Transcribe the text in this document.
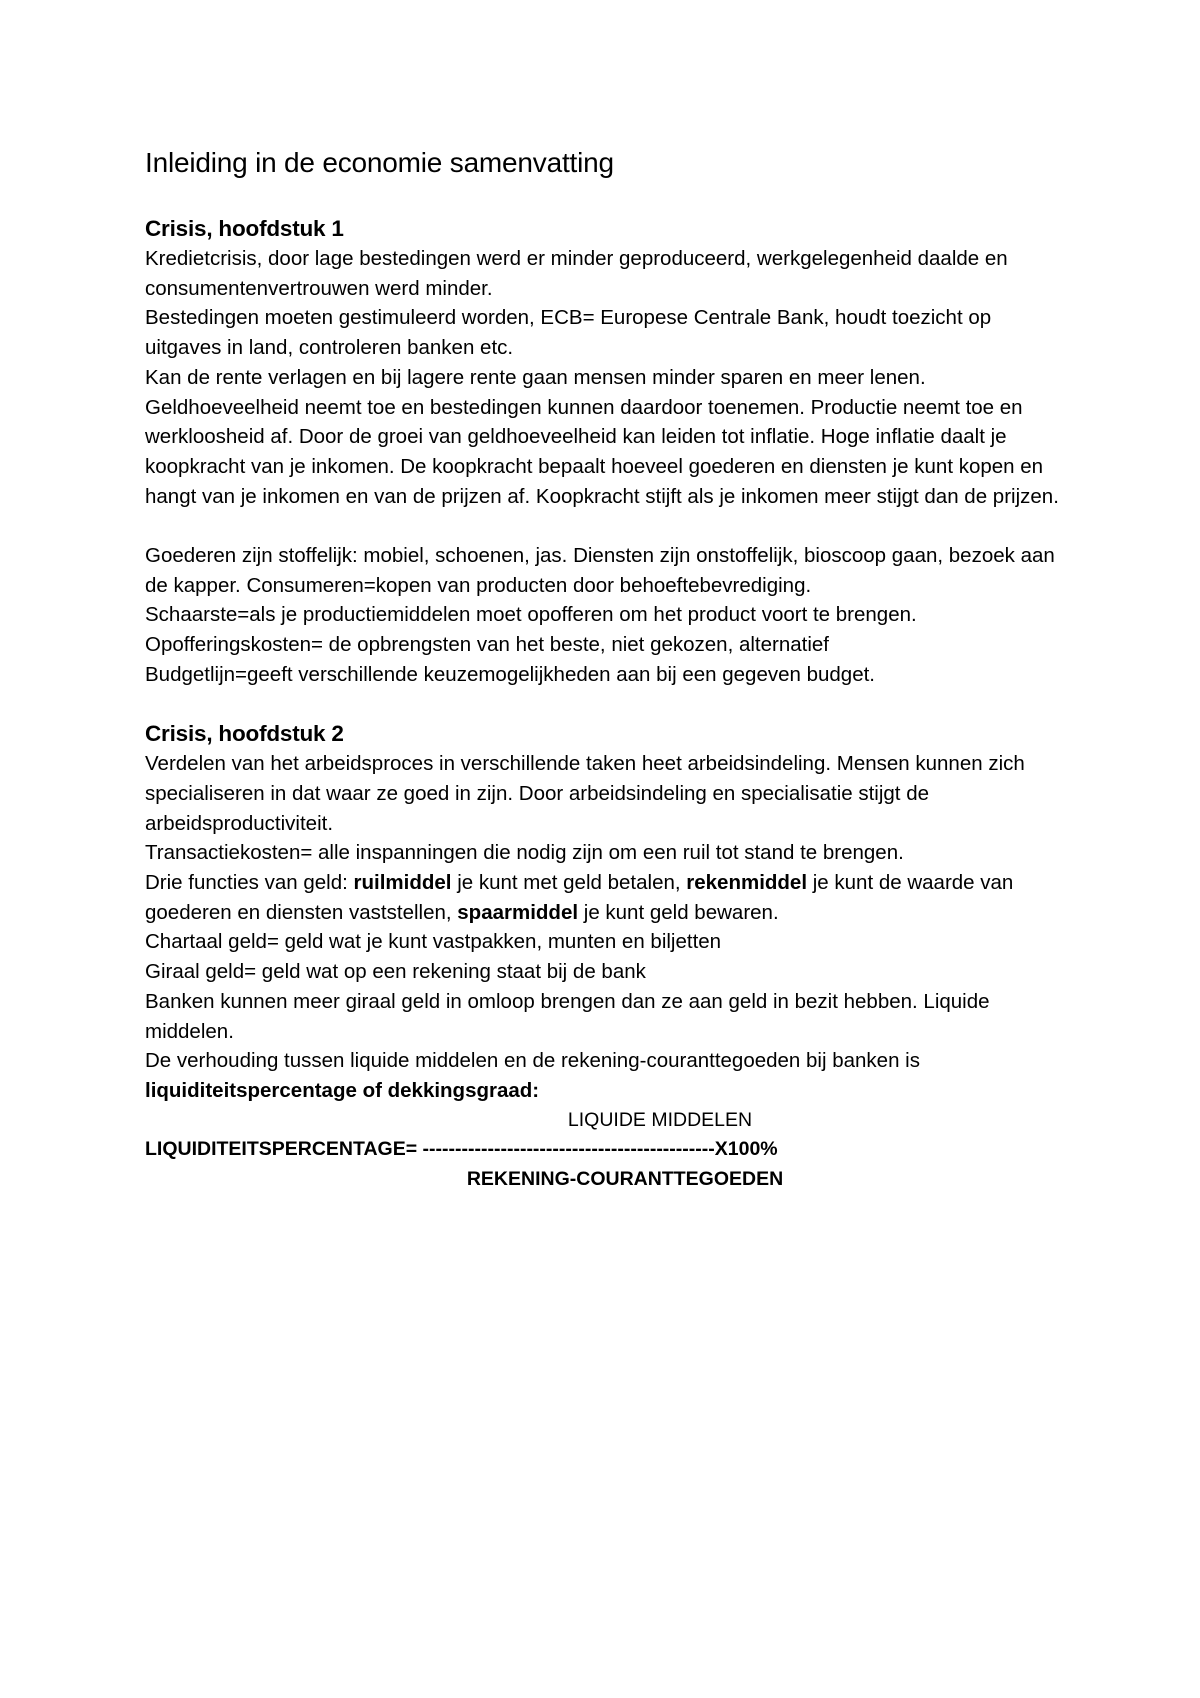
Inleiding in de economie samenvatting
Crisis, hoofdstuk 1

Kredietcrisis, door lage bestedingen werd er minder geproduceerd, werkgelegenheid daalde en consumentenvertrouwen werd minder.

Bestedingen moeten gestimuleerd worden, ECB= Europese Centrale Bank, houdt toezicht op uitgaves in land, controleren banken etc.

Kan de rente verlagen en bij lagere rente gaan mensen minder sparen en meer lenen.

Geldhoeveelheid neemt toe en bestedingen kunnen daardoor toenemen. Productie neemt toe en werkloosheid af. Door de groei van geldhoeveelheid kan leiden tot inflatie. Hoge inflatie daalt je koopkracht van je inkomen. De koopkracht bepaalt hoeveel goederen en diensten je kunt kopen en hangt van je inkomen en van de prijzen af. Koopkracht stijft als je inkomen meer stijgt dan de prijzen.

Goederen zijn stoffelijk: mobiel, schoenen, jas. Diensten zijn onstoffelijk, bioscoop gaan, bezoek aan de kapper. Consumeren=kopen van producten door behoeftebevrediging.

Schaarste=als je productiemiddelen moet opofferen om het product voort te brengen.

Opofferingskosten= de opbrengsten van het beste, niet gekozen, alternatief

Budgetlijn=geeft verschillende keuzemogelijkheden aan bij een gegeven budget.

Crisis, hoofdstuk 2

Verdelen van het arbeidsproces in verschillende taken heet arbeidsindeling. Mensen kunnen zich specialiseren in dat waar ze goed in zijn. Door arbeidsindeling en specialisatie stijgt de arbeidsproductiviteit.

Transactiekosten= alle inspanningen die nodig zijn om een ruil tot stand te brengen.

Drie functies van geld: ruilmiddel je kunt met geld betalen, rekenmiddel je kunt de waarde van goederen en diensten vaststellen, spaarmiddel je kunt geld bewaren.

Chartaal geld= geld wat je kunt vastpakken, munten en biljetten

Giraal geld= geld wat op een rekening staat bij de bank

Banken kunnen meer giraal geld in omloop brengen dan ze aan geld in bezit hebben. Liquide middelen.

De verhouding tussen liquide middelen en de rekening-couranttegoeden bij banken is

liquiditeitspercentage of dekkingsgraad:

LIQUIDE MIDDELEN

LIQUIDITEITSPERCENTAGE= ---------------------------------------------X100%

REKENING-COURANTTEGOEDEN
